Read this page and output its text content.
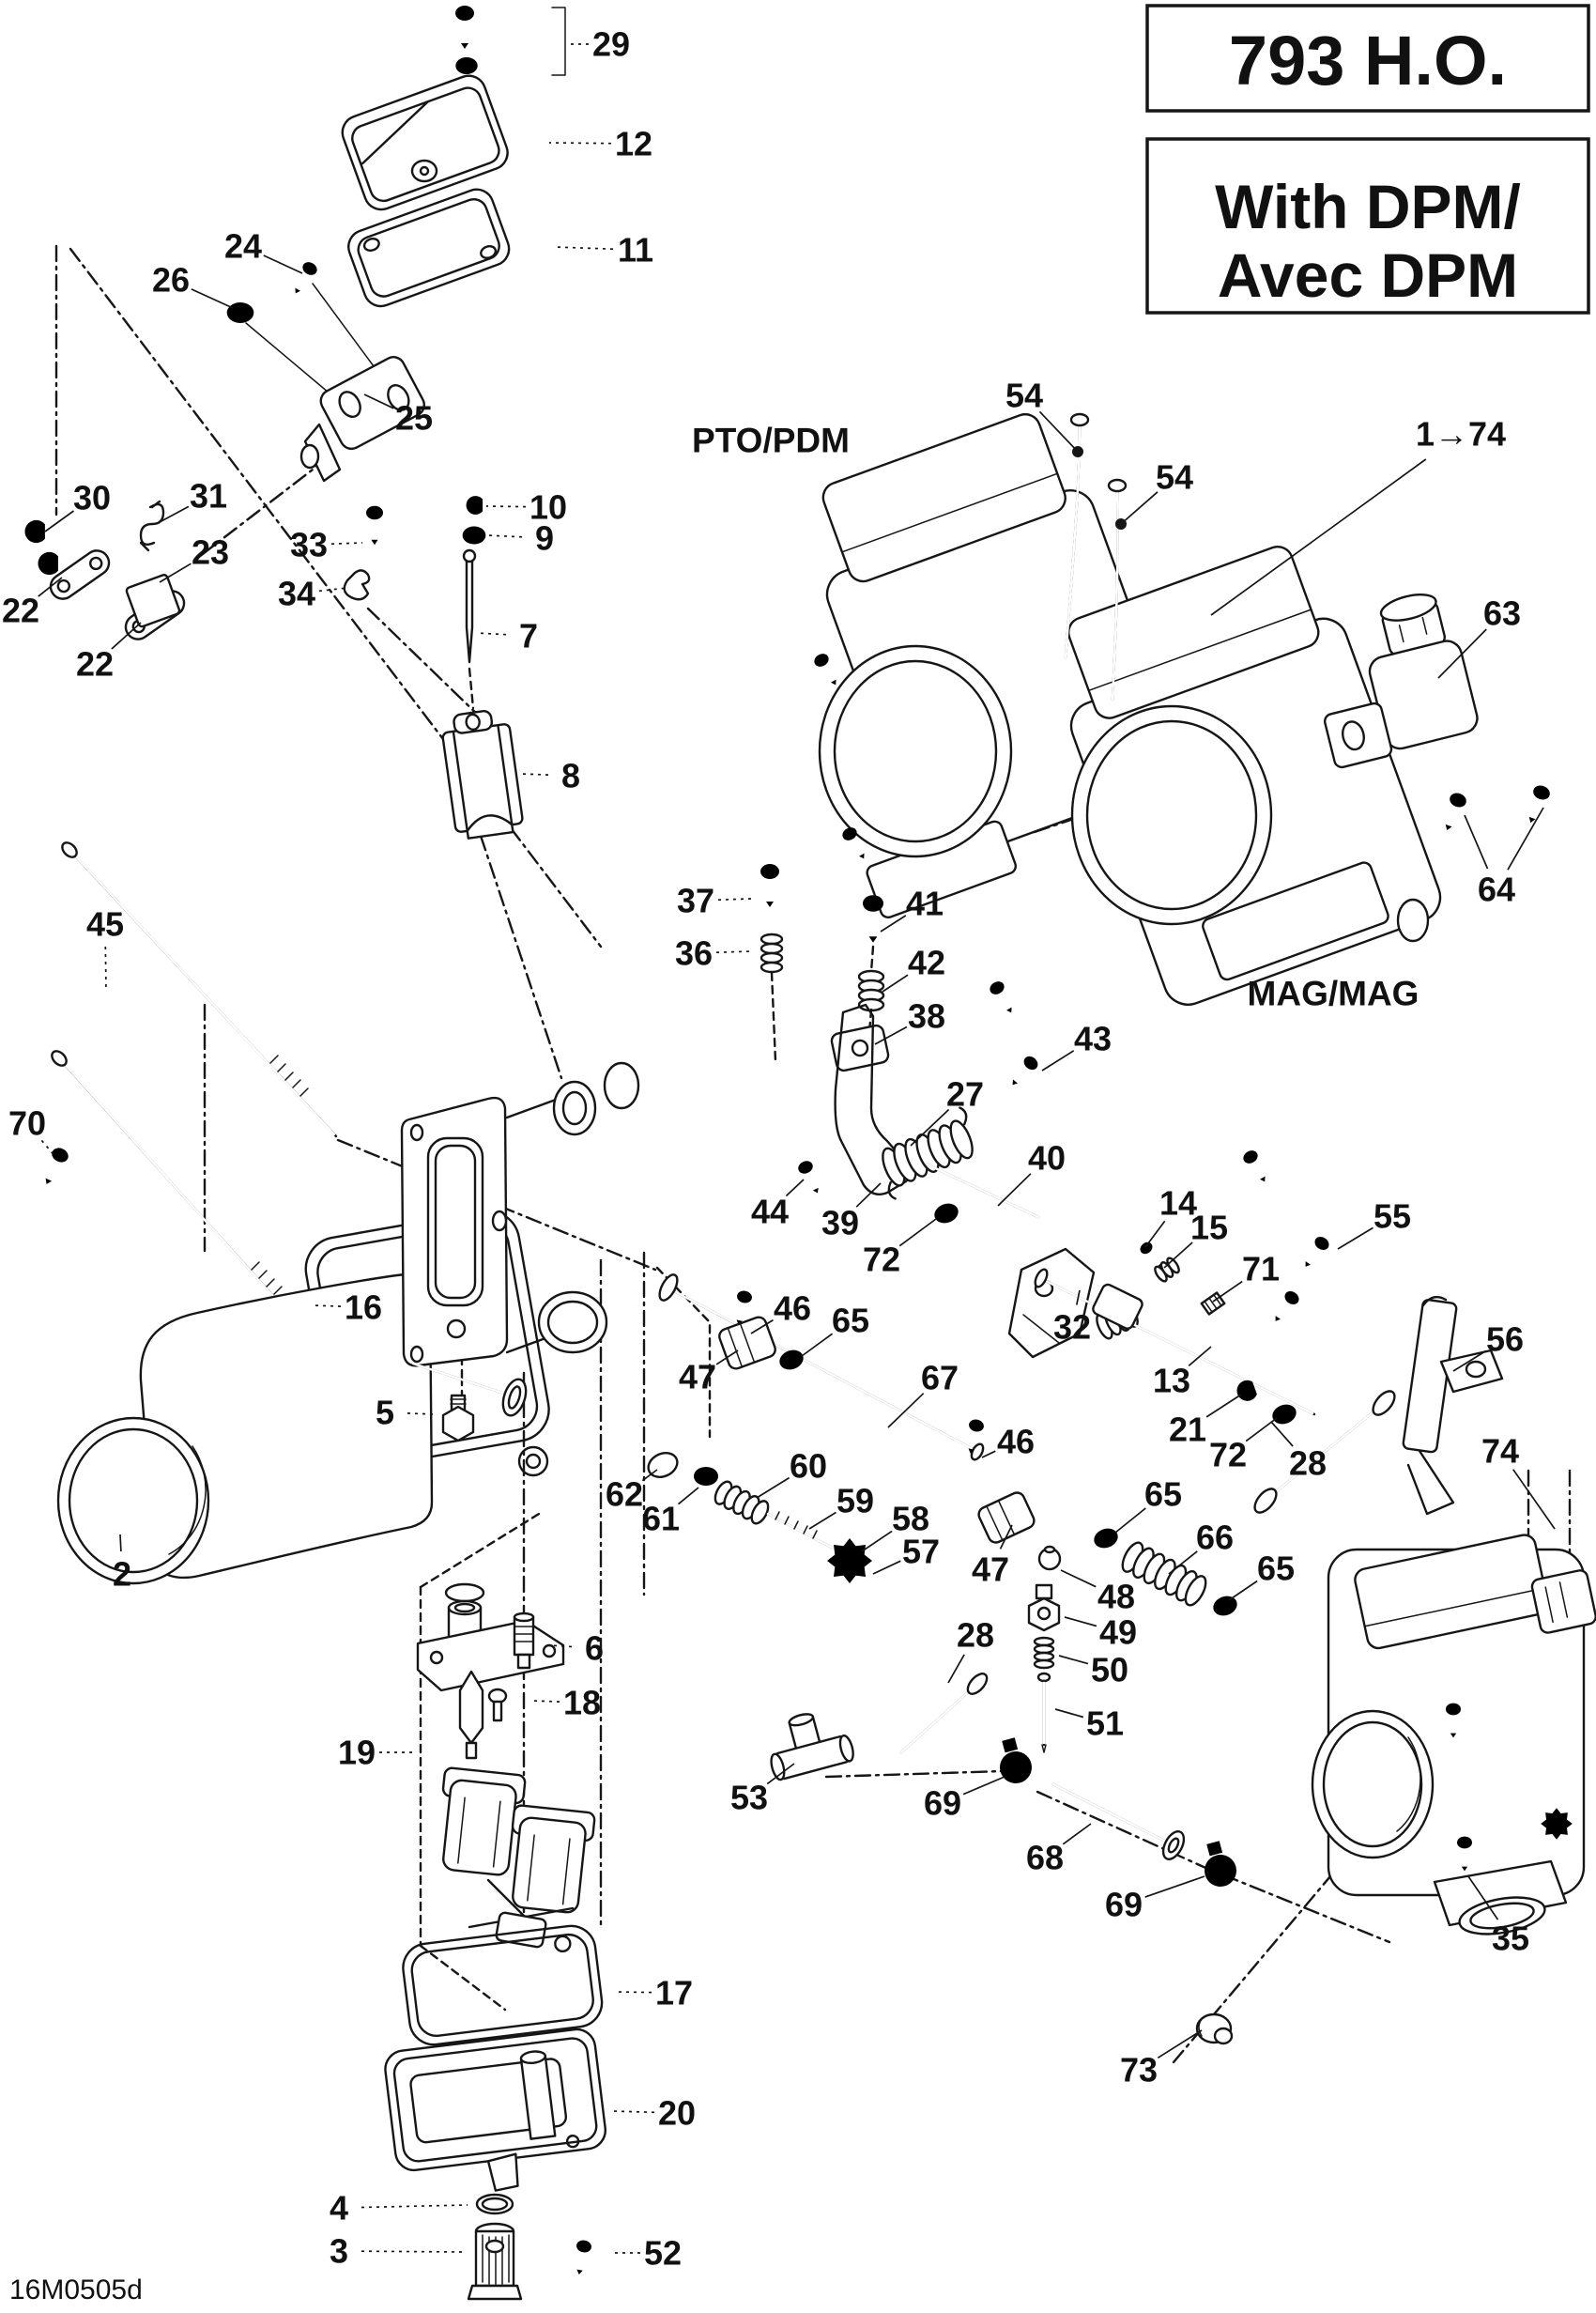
29
12
11
24
26
25
30 31
23
22
22
33
34
10
9
7
8
45
70
16
5
2
54
54
1→74
63
64
37
36
41
42
38
43
27
40
44 39
72
14
15
71
55
56
13
21
72 28	74
32
46 65
47	67
62
61
60
59 58
57
46
47
65
66
65
48
49
50
51
28
6
18
19
53	69
68
69
35
73
17
20
4
3	52
PTO/PDM
MAG/MAG
793 H.O.
With DPM/
Avec DPM
16M0505d
